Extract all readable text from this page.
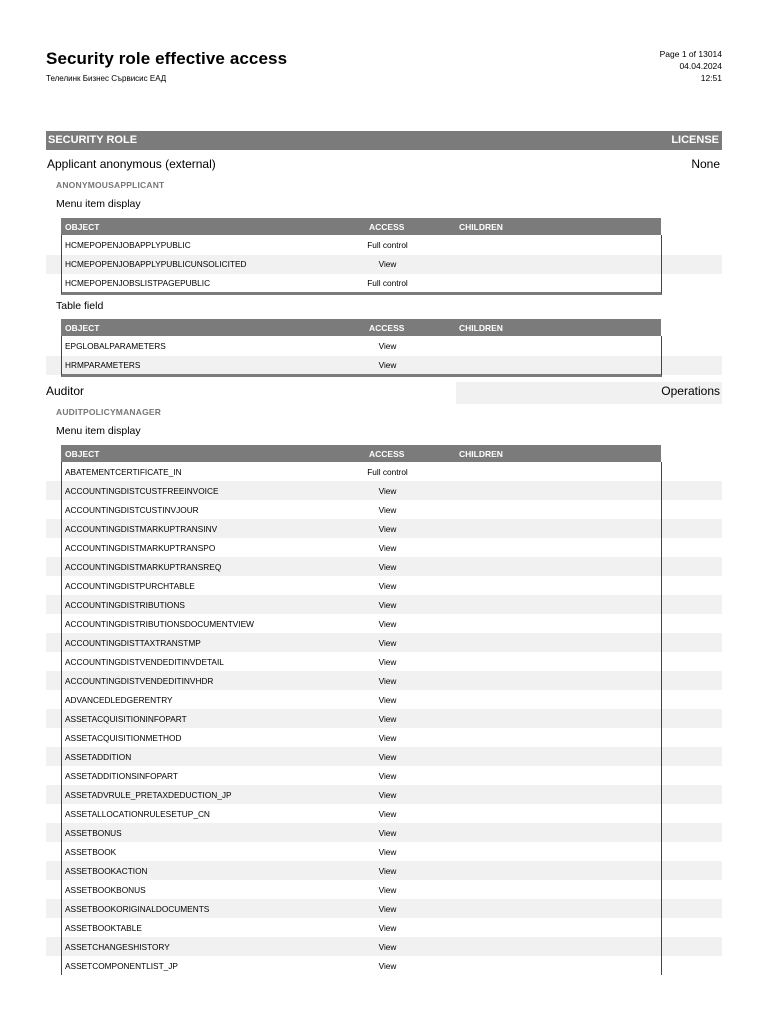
Security role effective access
Телелинк Бизнес Сървисис ЕАД
Page 1 of 13014
04.04.2024
12:51
SECURITY ROLE	LICENSE
Applicant anonymous (external)	None
ANONYMOUSAPPLICANT
Menu item display
OBJECT	ACCESS	CHILDREN
HCMEPOPENJOBAPPLYPUBLIC	Full control
HCMEPOPENJOBAPPLYPUBLICUNSOLICITED	View
HCMEPOPENJOBSLISTPAGEPUBLIC	Full control
Table field
OBJECT	ACCESS	CHILDREN
EPGLOBALPARAMETERS	View
HRMPARAMETERS	View
Auditor	Operations
AUDITPOLICYMANAGER
Menu item display
OBJECT	ACCESS	CHILDREN
ABATEMENTCERTIFICATE_IN	Full control
ACCOUNTINGDISTCUSTFREEINVOICE	View
ACCOUNTINGDISTCUSTINVJOUR	View
ACCOUNTINGDISTMARKUPTRANSINV	View
ACCOUNTINGDISTMARKUPTRANSPO	View
ACCOUNTINGDISTMARKUPTRANSREQ	View
ACCOUNTINGDISTPURCHTABLE	View
ACCOUNTINGDISTRIBUTIONS	View
ACCOUNTINGDISTRIBUTIONSDOCUMENTVIEW	View
ACCOUNTINGDISTTAXTRANSTMP	View
ACCOUNTINGDISTVENDEDITINVDETAIL	View
ACCOUNTINGDISTVENDEDITINVHDR	View
ADVANCEDLEDGERENTRY	View
ASSETACQUISITIONINFOPART	View
ASSETACQUISITIONMETHOD	View
ASSETADDITION	View
ASSETADDITIONSINFOPART	View
ASSETADVRULE_PRETAXDEDUCTION_JP	View
ASSETALLOCATIONRULESETUP_CN	View
ASSETBONUS	View
ASSETBOOK	View
ASSETBOOKACTION	View
ASSETBOOKBONUS	View
ASSETBOOKORIGINALDOCUMENTS	View
ASSETBOOKTABLE	View
ASSETCHANGESHISTORY	View
ASSETCOMPONENTLIST_JP	View
